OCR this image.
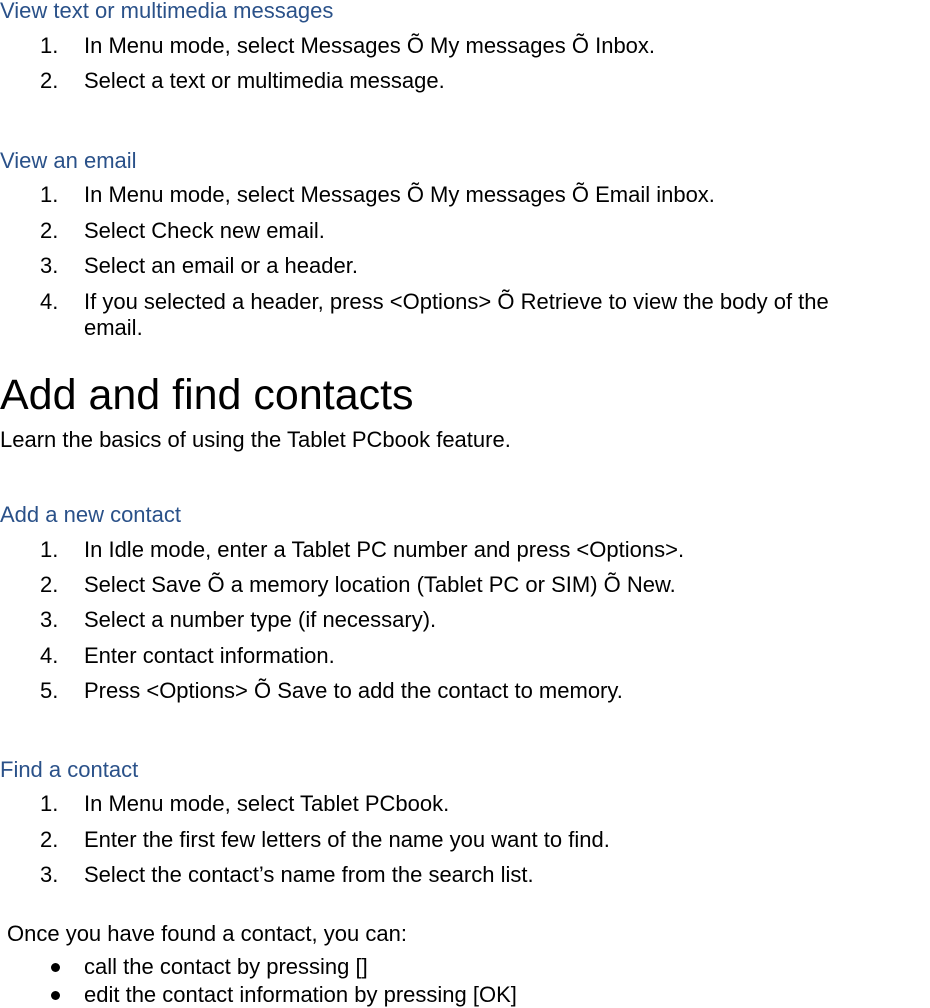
View text or multimedia messages
1. In Menu mode, select Messages Õ My messages Õ Inbox.
2. Select a text or multimedia message.
View an email
1. In Menu mode, select Messages Õ My messages Õ Email inbox.
2. Select Check new email.
3. Select an email or a header.
4. If you selected a header, press <Options> Õ Retrieve to view the body of the
email.
Add and find contacts
Learn the basics of using the Tablet PCbook feature.
Add a new contact
1. In Idle mode, enter a Tablet PC number and press <Options>.
2. Select Save Õ a memory location (Tablet PC or SIM) Õ New.
3. Select a number type (if necessary).
4. Enter contact information.
5. Press <Options> Õ Save to add the contact to memory.
Find a contact
1. In Menu mode, select Tablet PCbook.
2. Enter the first few letters of the name you want to find.
3. Select the contact’s name from the search list.
Once you have found a contact, you can:
call the contact by pressing []
edit the contact information by pressing [OK]
